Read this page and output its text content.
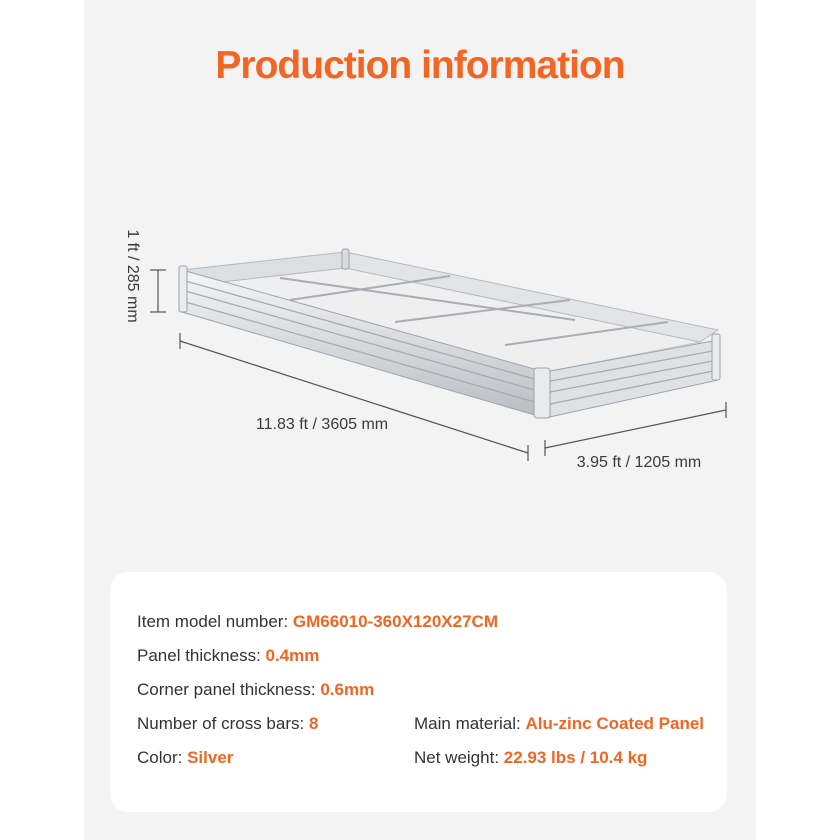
Production information
1 ft / 285 mm
11.83 ft / 3605 mm
3.95 ft / 1205 mm
Item model number: GM66010-360X120X27CM
Panel thickness: 0.4mm
Corner panel thickness: 0.6mm
Number of cross bars: 8	Main material: Alu-zinc Coated Panel
Color: Silver	Net weight: 22.93 lbs / 10.4 kg
